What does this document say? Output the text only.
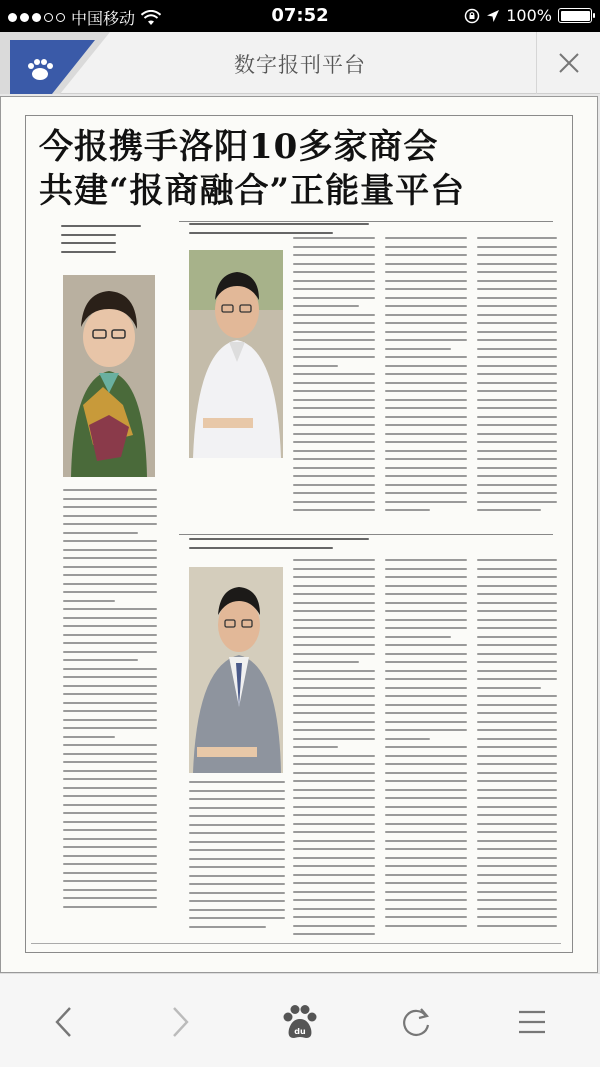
中国移动	07:52	100%
数字报刊平台
今报携手洛阳10多家商会
共建“报商融合”正能量平台
du
